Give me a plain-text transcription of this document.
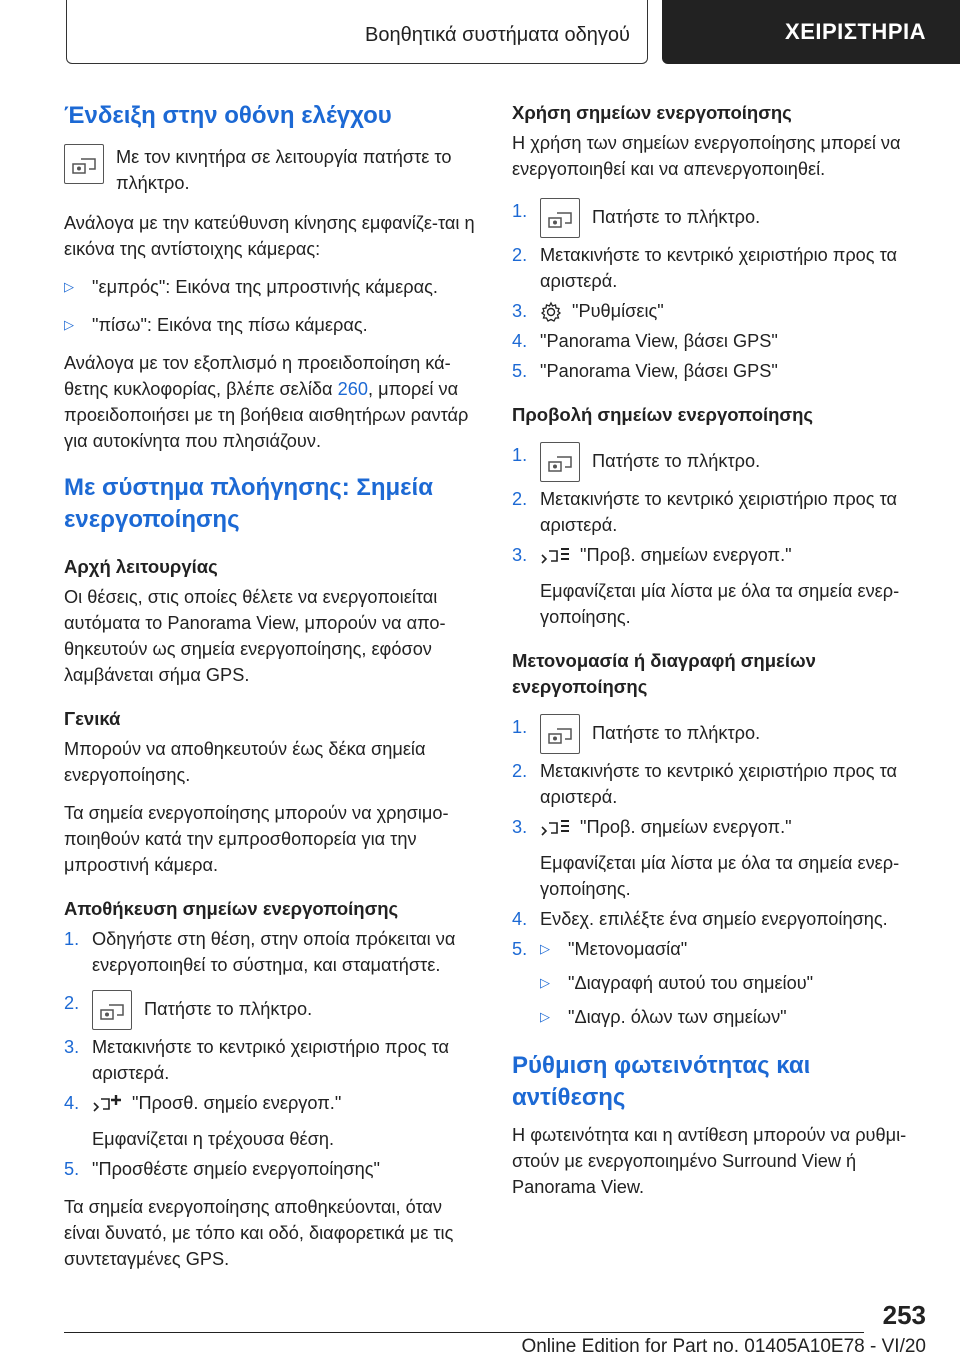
Βοηθητικά συστήματα οδηγού	ΧΕΙΡΙΣΤΗΡΙΑ
Ένδειξη στην οθόνη ελέγχου
Με τον κινητήρα σε λειτουργία πατήστε το πλήκτρο.
Ανάλογα με την κατεύθυνση κίνησης εμφανίζε-ται η εικόνα της αντίστοιχης κάμερας:
▷ "εμπρός": Εικόνα της μπροστινής κάμερας.
▷ "πίσω": Εικόνα της πίσω κάμερας.
Ανάλογα με τον εξοπλισμό η προειδοποίηση κά-θετης κυκλοφορίας, βλέπε σελίδα 260, μπορεί να προειδοποιήσει με τη βοήθεια αισθητήρων ραντάρ για αυτοκίνητα που πλησιάζουν.
Με σύστημα πλοήγησης: Σημεία ενεργοποίησης
Αρχή λειτουργίας
Οι θέσεις, στις οποίες θέλετε να ενεργοποιείται αυτόματα το Panorama View, μπορούν να απο-θηκευτούν ως σημεία ενεργοποίησης, εφόσον λαμβάνεται σήμα GPS.
Γενικά
Μπορούν να αποθηκευτούν έως δέκα σημεία ενεργοποίησης.
Τα σημεία ενεργοποίησης μπορούν να χρησιμο-ποιηθούν κατά την εμπροσθοπορεία για την μπροστινή κάμερα.
Αποθήκευση σημείων ενεργοποίησης
1. Οδηγήστε στη θέση, στην οποία πρόκειται να ενεργοποιηθεί το σύστημα, και σταματήστε.
2.	Πατήστε το πλήκτρο.
3. Μετακινήστε το κεντρικό χειριστήριο προς τα αριστερά.
4.	"Προσθ. σημείο ενεργοπ."
Εμφανίζεται η τρέχουσα θέση.
5. "Προσθέστε σημείο ενεργοποίησης"
Τα σημεία ενεργοποίησης αποθηκεύονται, όταν είναι δυνατό, με τόπο και οδό, διαφορετικά με τις συντεταγμένες GPS.
Χρήση σημείων ενεργοποίησης
Η χρήση των σημείων ενεργοποίησης μπορεί να ενεργοποιηθεί και να απενεργοποιηθεί.
1.	Πατήστε το πλήκτρο.
2. Μετακινήστε το κεντρικό χειριστήριο προς τα αριστερά.
3.	"Ρυθμίσεις"
4. "Panorama View, βάσει GPS"
5. "Panorama View, βάσει GPS"
Προβολή σημείων ενεργοποίησης
1.	Πατήστε το πλήκτρο.
2. Μετακινήστε το κεντρικό χειριστήριο προς τα αριστερά.
3.	"Προβ. σημείων ενεργοπ."
Εμφανίζεται μία λίστα με όλα τα σημεία ενερ-γοποίησης.
Μετονομασία ή διαγραφή σημείων ενεργοποίησης
1.	Πατήστε το πλήκτρο.
2. Μετακινήστε το κεντρικό χειριστήριο προς τα αριστερά.
3.	"Προβ. σημείων ενεργοπ."
Εμφανίζεται μία λίστα με όλα τα σημεία ενερ-γοποίησης.
4. Ενδεχ. επιλέξτε ένα σημείο ενεργοποίησης.
5. ▷ "Μετονομασία"
▷ "Διαγραφή αυτού του σημείου"
▷ "Διαγρ. όλων των σημείων"
Ρύθμιση φωτεινότητας και αντίθεσης
Η φωτεινότητα και η αντίθεση μπορούν να ρυθμι-στούν με ενεργοποιημένο Surround View ή Panorama View.
253
Online Edition for Part no. 01405A10E78 - VI/20
